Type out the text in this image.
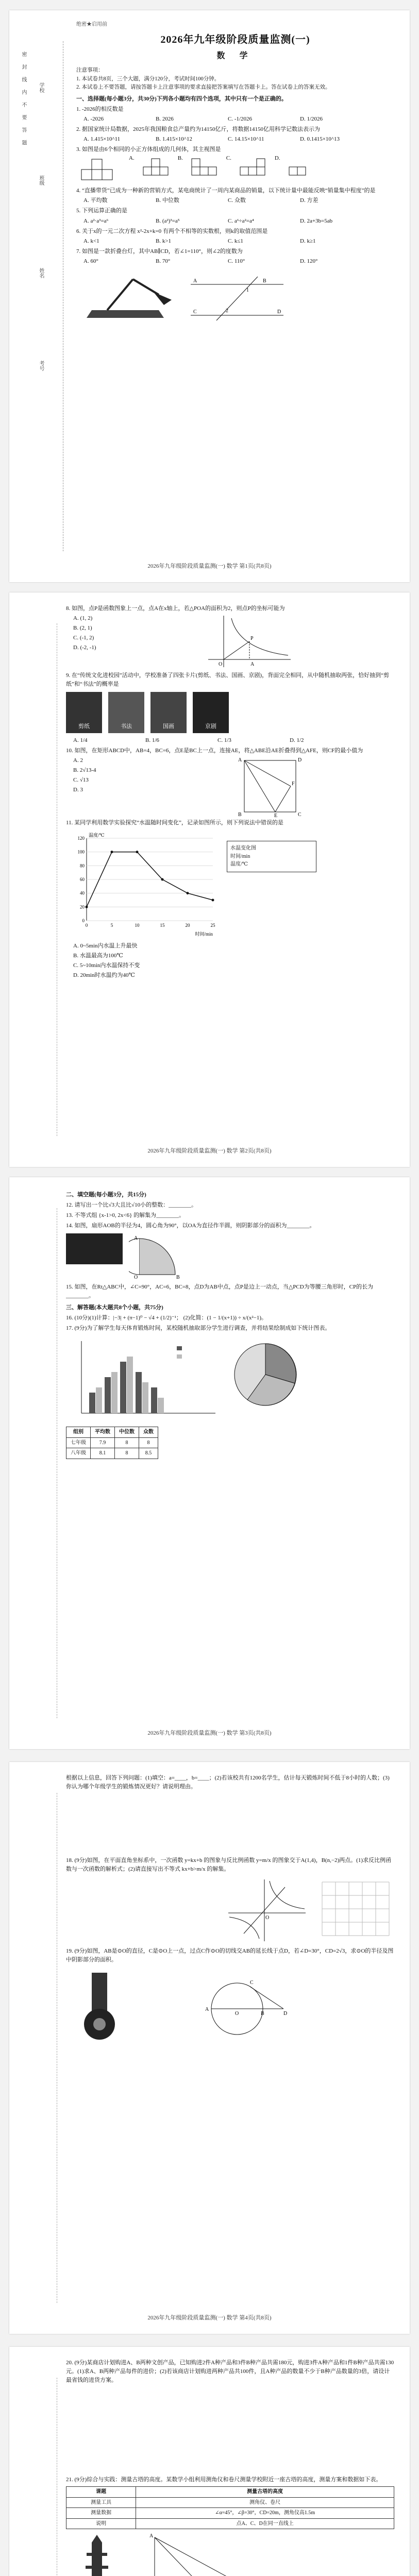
密 封 线 内 不 要 答 题 学校
班级
姓名
考号
绝密★启用前
2026年九年级阶段质量监测(一)
数 学
注意事项：
1. 本试卷共8页，三个大题，满分120分，考试时间100分钟。
2. 本试卷上不要答题，请按答题卡上注意事项的要求直接把答案填写在答题卡上。答在试卷上的答案无效。
一、选择题(每小题3分，共30分)下列各小题均有四个选项，其中只有一个是正确的。
1. -2026的相反数是
A. -2026	B. 2026	C. -1/2026	D. 1/2026
2. 据国家统计局数据，2025年我国粮食总产量约为14150亿斤，将数据14150亿用科学记数法表示为
A. 1.415×10^11	B. 1.415×10^12	C. 14.15×10^11	D. 0.1415×10^13
3. 如图是由6个相同的小正方体组成的几何体，其主视图是
A.	B.	C.	D.
4. “直播带货”已成为一种新的营销方式，某电商统计了一周内某商品的销量，以下统计量中最能反映“销量集中程度”的是
A. 平均数	B. 中位数	C. 众数	D. 方差
5. 下列运算正确的是
A. a²·a³=a⁶	B. (a²)³=a⁵	C. a⁶÷a²=a⁴	D. 2a+3b=5ab
6. 关于x的一元二次方程 x²-2x+k=0 有两个不相等的实数根，则k的取值范围是
A. k<1	B. k>1	C. k≤1	D. k≥1
7. 如图是一款折叠台灯，其中AB∥CD，若∠1=110°，则∠2的度数为
A. 60°	B. 70°	C. 110°	D. 120°
B
A
C	D
1
2
2026年九年级阶段质量监测(一) 数学 第1页(共8页)
8. 如图，点P是函数图象上一点，点A在x轴上，若△POA的面积为2，则点P的坐标可能为
A. (1, 2)
B. (2, 1)
C. (-1, 2)
D. (-2, -1)
P
O	A
9. 在“传统文化进校园”活动中，学校准备了四张卡片(剪纸、书法、国画、京剧)，背面完全相同，从中随机抽取两张，恰好抽到“剪纸”和“书法”的概率是
剪纸	书法	国画	京剧
A. 1/4	B. 1/6	C. 1/3	D. 1/2
10. 如图，在矩形ABCD中，AB=4，BC=6，点E是BC上一点，连接AE，将△ABE沿AE折叠得到△AFE，则CF的最小值为
A. 2
B. 2√13-4
C. √13
D. 3
A	D
B	C
E
F
11. 某同学利用数学实验探究“水温随时间变化”，记录如图所示，则下列说法中错误的是
0
20
40
60
80
100
120
0	5	10	15	20	25
时间/min
温度/℃
水温变化图
时间/min
温度/℃
A. 0~5min内水温上升最快
B. 水温最高为100℃
C. 5~10min内水温保持不变
D. 20min时水温约为40℃
2026年九年级阶段质量监测(一) 数学 第2页(共8页)
二、填空题(每小题3分，共15分)
12. 请写出一个比√3大且比√10小的整数：________。
13. 不等式组 {x-1>0, 2x<6} 的解集为________。
14. 如图，扇形AOB的半径为4，圆心角为90°，以OA为直径作半圆，则阴影部分的面积为________。
O
A
B
15. 如图，在Rt△ABC中，∠C=90°，AC=6，BC=8，点D为AB中点，点P是边上一动点，当△PCD为等腰三角形时，CP的长为________。
三、解答题(本大题共8个小题，共75分)
16. (10分)(1)计算：|−3| + (π−1)⁰ − √4 + (1/2)⁻¹； (2)化简：(1 − 1/(x+1)) ÷ x/(x²−1)。
17. (9分)为了解学生每天体育锻炼时间，某校随机抽取部分学生进行调查，并将结果绘制成如下统计图表。
组别	平均数	中位数	众数
七年级	7.9	8	8
八年级	8.1	8	8.5
2026年九年级阶段质量监测(一) 数学 第3页(共8页)
根据以上信息，回答下列问题：(1)填空：a=____，b=____；(2)若该校共有1200名学生，估计每天锻炼时间不低于8小时的人数；(3)你认为哪个年级学生的锻炼情况更好？请说明理由。
18. (9分)如图，在平面直角坐标系中，一次函数 y=kx+b 的图象与反比例函数 y=m/x 的图象交于A(1,4)，B(n,−2)两点。(1)求反比例函数与一次函数的解析式；(2)请直接写出不等式 kx+b>m/x 的解集。
O
19. (9分)如图，AB是⊙O的直径，C是⊙O上一点，过点C作⊙O的切线交AB的延长线于点D，若∠D=30°，CD=2√3，求⊙O的半径及图中阴影部分的面积。
A
B
C
D
O
2026年九年级阶段质量监测(一) 数学 第4页(共8页)
20. (9分)某商店计划购进A、B两种文创产品，已知购进2件A种产品和3件B种产品共需180元，购进3件A种产品和1件B种产品共需130元。(1)求A、B两种产品每件的进价；(2)若该商店计划购进两种产品共100件，且A种产品的数量不少于B种产品数量的3倍，请设计最省钱的进货方案。
21. (9分)综合与实践：测量古塔的高度。某数学小组利用测角仪和卷尺测量学校附近一座古塔的高度，测量方案和数据如下表。
课题	测量古塔的高度
测量工具	测角仪、卷尺
测量数据	∠α=45°，∠β=30°，CD=20m，测角仪高1.5m
说明	点A、C、D在同一直线上
A
